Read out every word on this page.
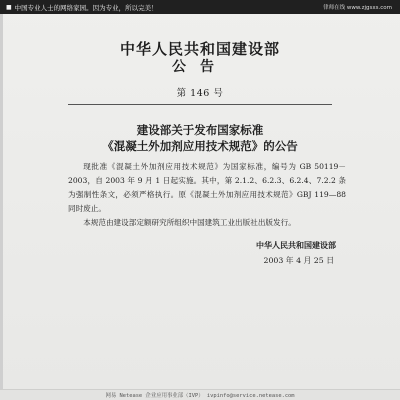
■ 中国专业人士的网络家园。因为专业，所以完美！	律师在线 www.zjgsxs.com
中华人民共和国建设部
公告
第 146 号
建设部关于发布国家标准
《混凝土外加剂应用技术规范》的公告

现批准《混凝土外加剂应用技术规范》为国家标准，编号为 GB 50119－2003，自 2003 年 9 月 1 日起实施。其中，第 2.1.2、6.2.3、6.2.4、7.2.2 条为强制性条文，必须严格执行。原《混凝土外加剂应用技术规范》GBJ 119—88 同时废止。

本规范由建设部定额研究所组织中国建筑工业出版社出版发行。

中华人民共和国建设部
2003 年 4 月 25 日
网易 Netease 企业应用事业部（IVP） ivpinfo@service.netease.com
